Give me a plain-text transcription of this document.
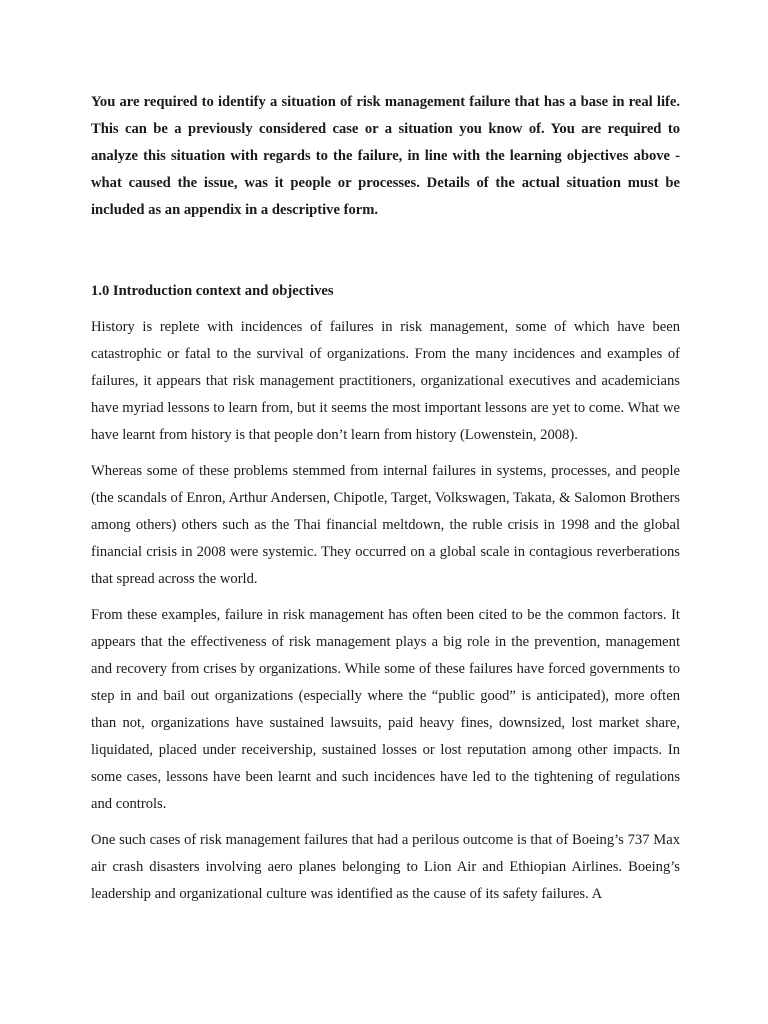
You are required to identify a situation of risk management failure that has a base in real life. This can be a previously considered case or a situation you know of. You are required to analyze this situation with regards to the failure, in line with the learning objectives above - what caused the issue, was it people or processes. Details of the actual situation must be included as an appendix in a descriptive form.

1.0 Introduction context and objectives

History is replete with incidences of failures in risk management, some of which have been catastrophic or fatal to the survival of organizations. From the many incidences and examples of failures, it appears that risk management practitioners, organizational executives and academicians have myriad lessons to learn from, but it seems the most important lessons are yet to come. What we have learnt from history is that people don’t learn from history (Lowenstein, 2008).

Whereas some of these problems stemmed from internal failures in systems, processes, and people (the scandals of Enron, Arthur Andersen, Chipotle, Target, Volkswagen, Takata, & Salomon Brothers among others) others such as the Thai financial meltdown, the ruble crisis in 1998 and the global financial crisis in 2008 were systemic. They occurred on a global scale in contagious reverberations that spread across the world.

From these examples, failure in risk management has often been cited to be the common factors. It appears that the effectiveness of risk management plays a big role in the prevention, management and recovery from crises by organizations. While some of these failures have forced governments to step in and bail out organizations (especially where the “public good” is anticipated), more often than not, organizations have sustained lawsuits, paid heavy fines, downsized, lost market share, liquidated, placed under receivership, sustained losses or lost reputation among other impacts. In some cases, lessons have been learnt and such incidences have led to the tightening of regulations and controls.

One such cases of risk management failures that had a perilous outcome is that of Boeing’s 737 Max air crash disasters involving aero planes belonging to Lion Air and Ethiopian Airlines. Boeing’s leadership and organizational culture was identified as the cause of its safety failures. A
